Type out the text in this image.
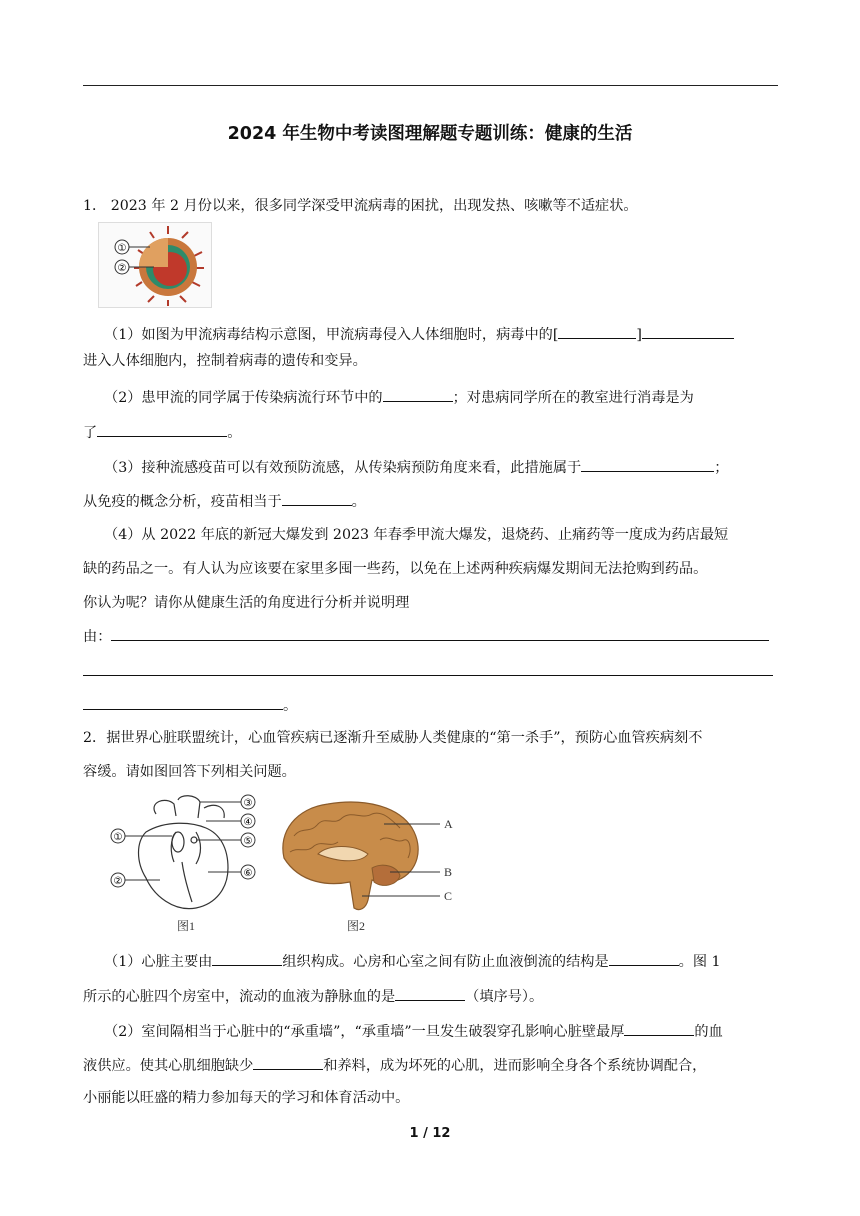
2024 年生物中考读图理解题专题训练：健康的生活
1． 2023 年 2 月份以来，很多同学深受甲流病毒的困扰，出现发热、咳嗽等不适症状。
①
②
（1）如图为甲流病毒结构示意图，甲流病毒侵入人体细胞时，病毒中的[	]
进入人体细胞内，控制着病毒的遗传和变异。
（2）患甲流的同学属于传染病流行环节中的	；对患病同学所在的教室进行消毒是为
了	。
（3）接种流感疫苗可以有效预防流感，从传染病预防角度来看，此措施属于	；
从免疫的概念分析，疫苗相当于	。
（4）从 2022 年底的新冠大爆发到 2023 年春季甲流大爆发，退烧药、止痛药等一度成为药店最短
缺的药品之一。有人认为应该要在家里多囤一些药，以免在上述两种疾病爆发期间无法抢购到药品。
你认为呢？请你从健康生活的角度进行分析并说明理
由：
。
2．据世界心脏联盟统计，心血管疾病已逐渐升至威胁人类健康的“第一杀手”，预防心血管疾病刻不
容缓。请如图回答下列相关问题。
①
②
③
④
⑤
⑥
图1
A
B
C
图2
（1）心脏主要由	组织构成。心房和心室之间有防止血液倒流的结构是	。图 1
所示的心脏四个房室中，流动的血液为静脉血的是	（填序号）。
（2）室间隔相当于心脏中的“承重墙”，“承重墙”一旦发生破裂穿孔影响心脏壁最厚	的血
液供应。使其心肌细胞缺少	和养料，成为坏死的心肌，进而影响全身各个系统协调配合，
小丽能以旺盛的精力参加每天的学习和体育活动中。
1 / 12
